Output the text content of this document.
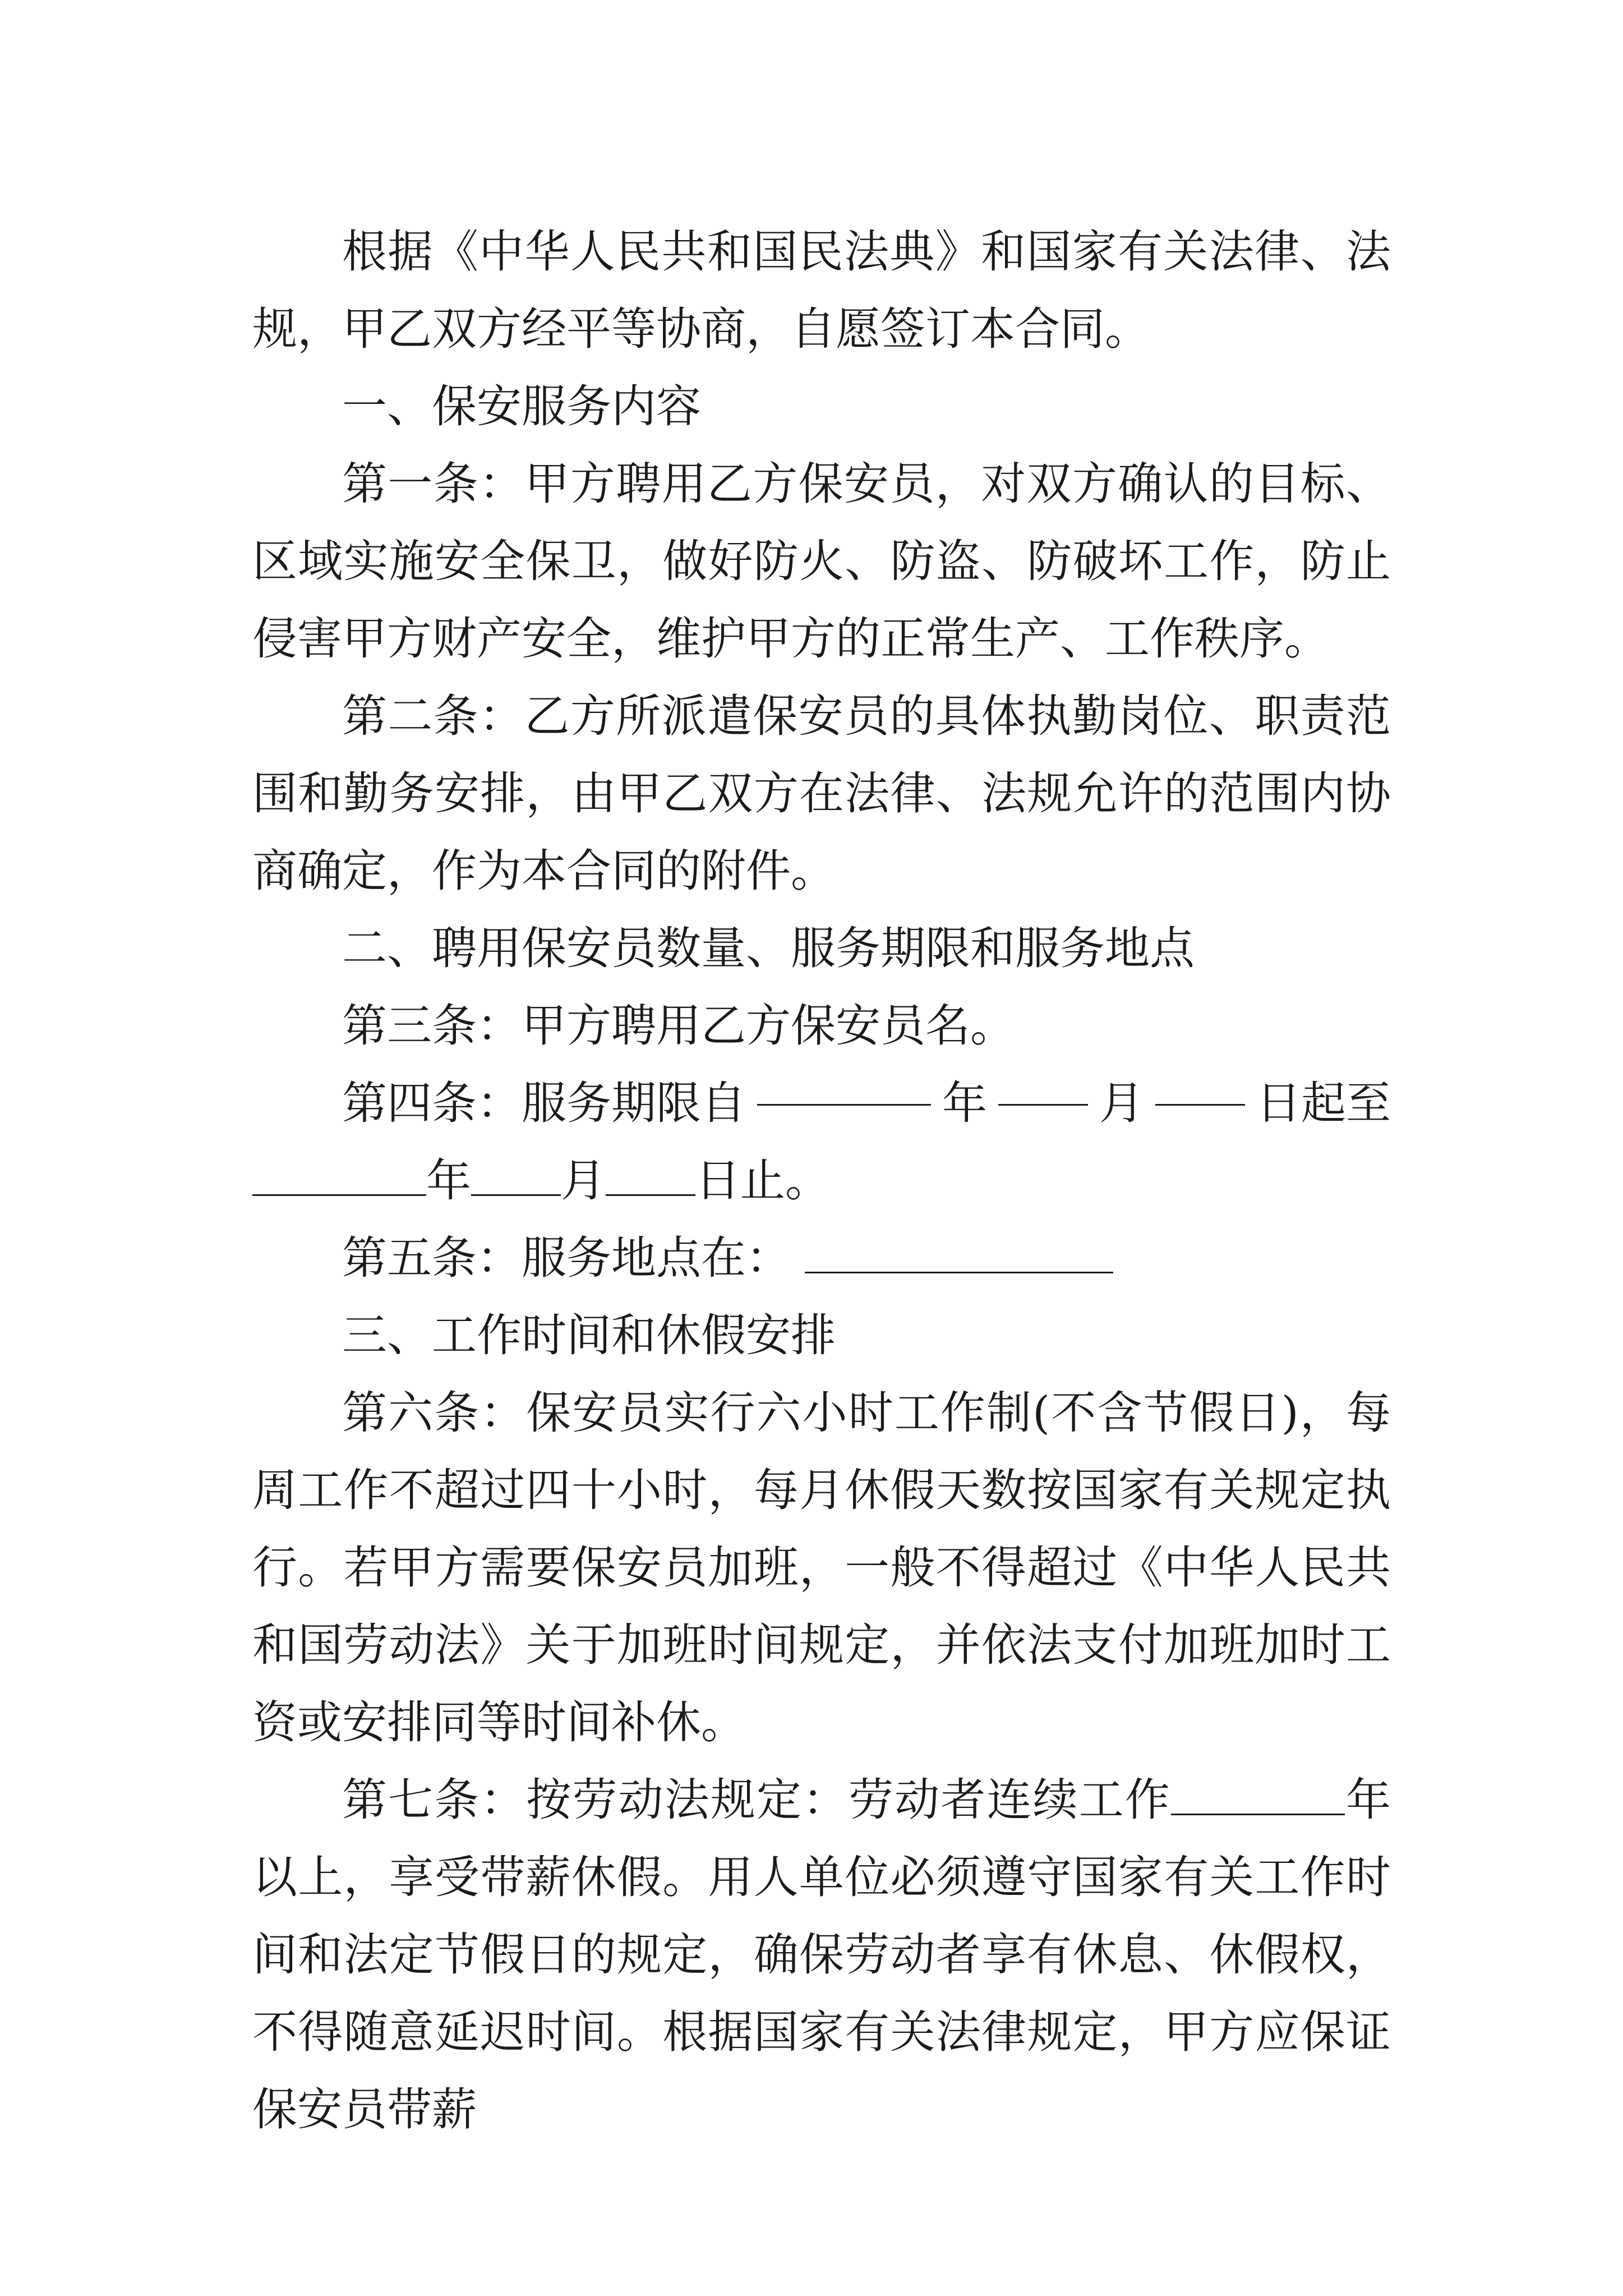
根据《中华人民共和国民法典》和国家有关法律、法规，甲乙双方经平等协商，自愿签订本合同。

一、保安服务内容

第一条：甲方聘用乙方保安员，对双方确认的目标、区域实施安全保卫，做好防火、防盗、防破坏工作，防止侵害甲方财产安全，维护甲方的正常生产、工作秩序。

第二条：乙方所派遣保安员的具体执勤岗位、职责范围和勤务安排，由甲乙双方在法律、法规允许的范围内协商确定，作为本合同的附件。

二、聘用保安员数量、服务期限和服务地点

第三条：甲方聘用乙方保安员名。

第四条：服务期限自	年	月	日起至
年 月 日止。

第五条：服务地点在：

三、工作时间和休假安排

第六条：保安员实行六小时工作制(不含节假日)，每周工作不超过四十小时，每月休假天数按国家有关规定执行。若甲方需要保安员加班，一般不得超过《中华人民共和国劳动法》关于加班时间规定，并依法支付加班加时工资或安排同等时间补休。

第七条：按劳动法规定：劳动者连续工作	年以上，享受带薪休假。用人单位必须遵守国家有关工作时间和法定节假日的规定，确保劳动者享有休息、休假权，不得随意延迟时间。根据国家有关法律规定，甲方应保证保安员带薪
